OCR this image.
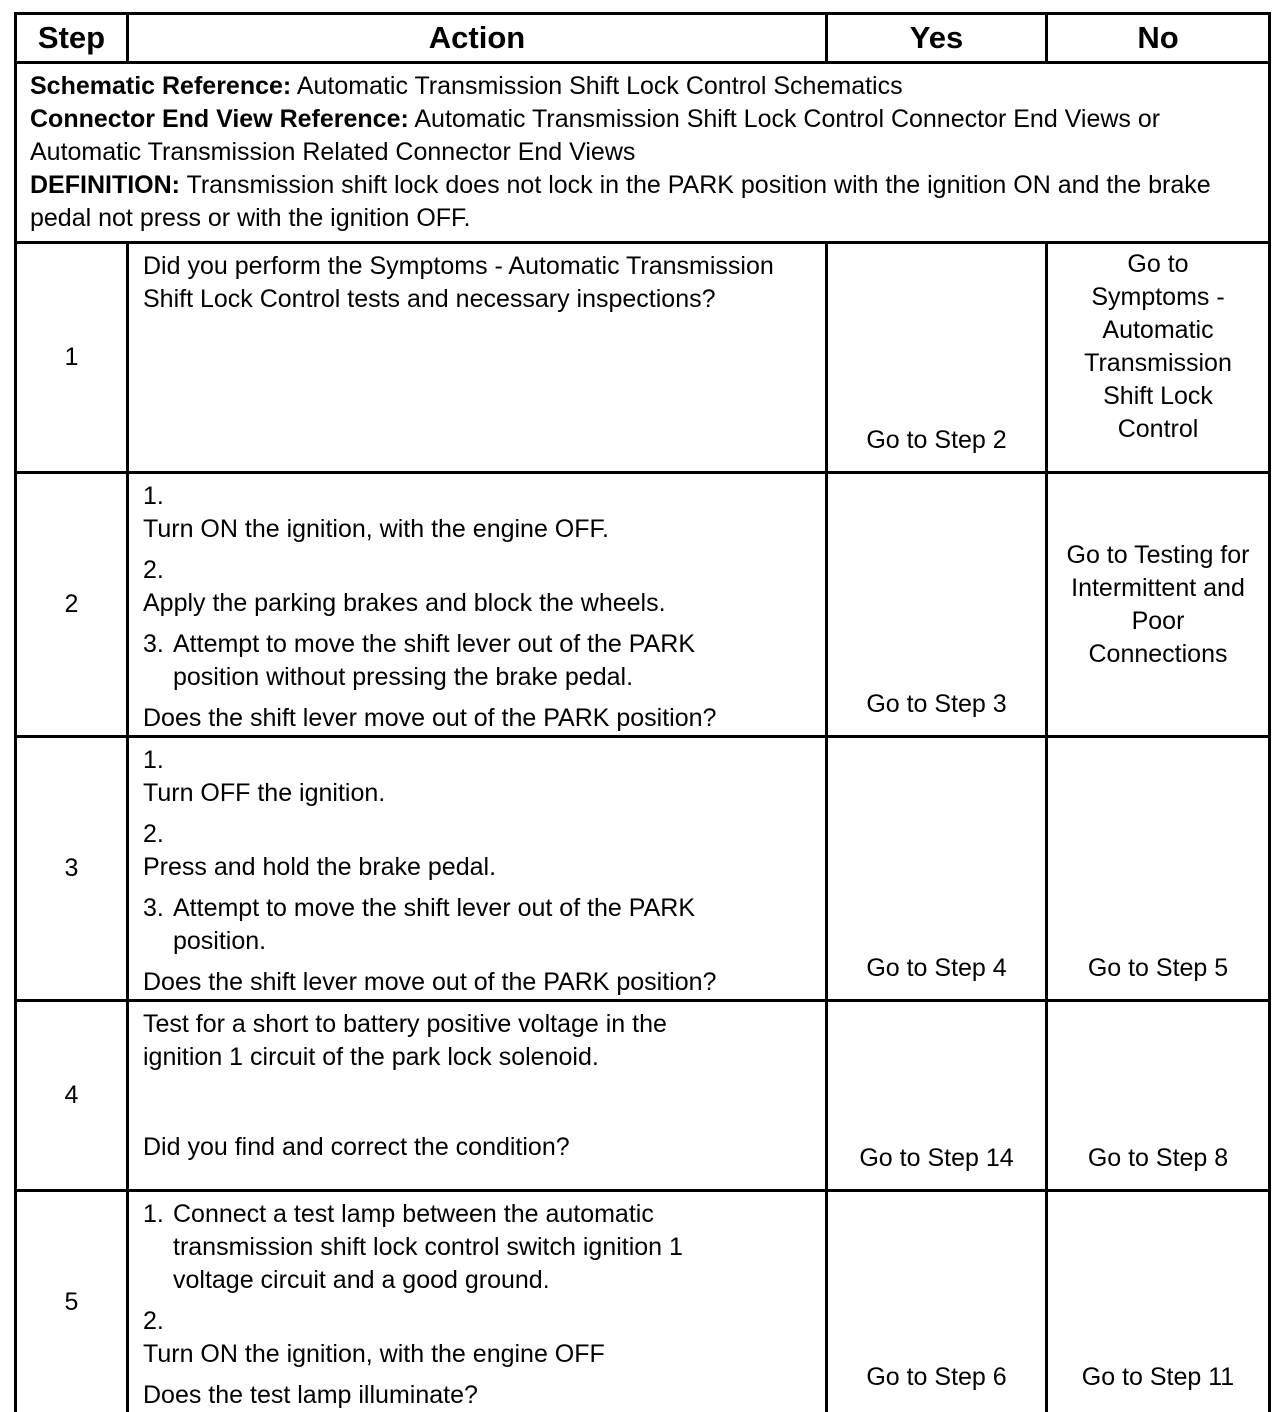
Step	Action	Yes	No

Schematic Reference: Automatic Transmission Shift Lock Control Schematics
Connector End View Reference: Automatic Transmission Shift Lock Control Connector End Views or Automatic Transmission Related Connector End Views
DEFINITION: Transmission shift lock does not lock in the PARK position with the ignition ON and the brake pedal not press or with the ignition OFF.			

1	Did you perform the Symptoms - Automatic Transmission Shift Lock Control tests and necessary inspections?	Go to Step 2	Go to Symptoms - Automatic Transmission Shift Lock Control
2	1.Turn ON the ignition, with the engine OFF.
2.Apply the parking brakes and block the wheels.
3. Attempt to move the shift lever out of the PARK position without pressing the brake pedal.
Does the shift lever move out of the PARK position?	Go to Step 3	Go to Testing for Intermittent and Poor Connections
3	1.Turn OFF the ignition.
2.Press and hold the brake pedal.
3. Attempt to move the shift lever out of the PARK position.
Does the shift lever move out of the PARK position?	Go to Step 4	Go to Step 5
4	Test for a short to battery positive voltage in the ignition 1 circuit of the park lock solenoid.
Did you find and correct the condition?	Go to Step 14	Go to Step 8
5	1. Connect a test lamp between the automatic transmission shift lock control switch ignition 1 voltage circuit and a good ground.
2.Turn ON the ignition, with the engine OFF
Does the test lamp illuminate?	Go to Step 6	Go to Step 11
